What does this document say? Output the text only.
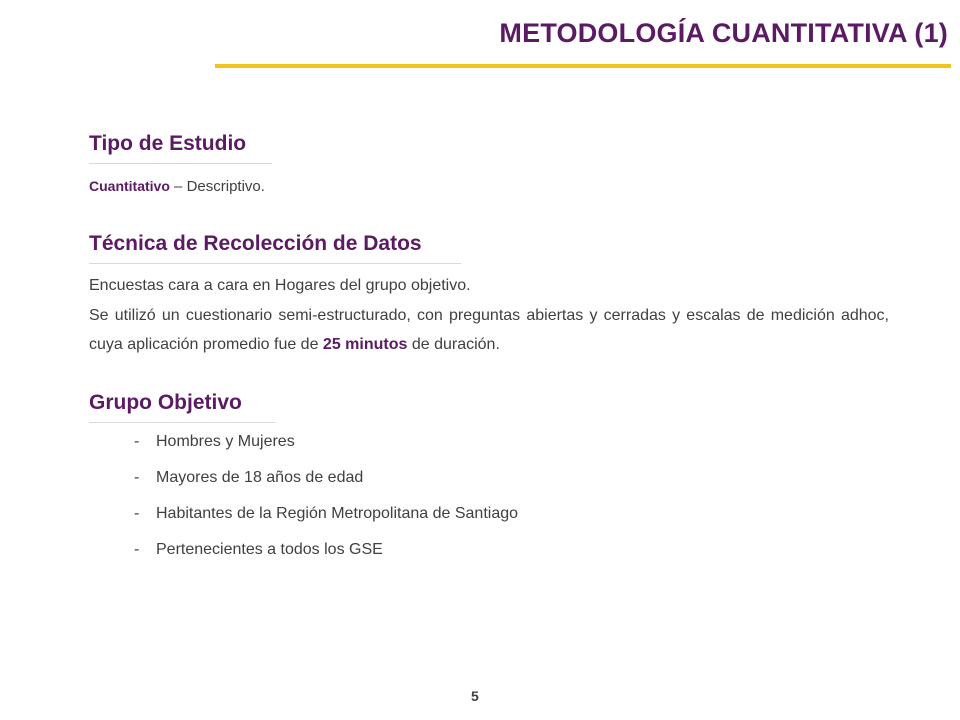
METODOLOGÍA CUANTITATIVA (1)
Tipo de Estudio
Cuantitativo – Descriptivo.
Técnica de Recolección de Datos
Encuestas cara a cara en Hogares del grupo objetivo.
Se utilizó un cuestionario semi-estructurado, con preguntas abiertas y cerradas y escalas de medición adhoc, cuya aplicación promedio fue de 25 minutos de duración.
Grupo Objetivo
- Hombres y Mujeres
- Mayores de 18 años de edad
- Habitantes de la Región Metropolitana de Santiago
- Pertenecientes a todos los GSE
5
